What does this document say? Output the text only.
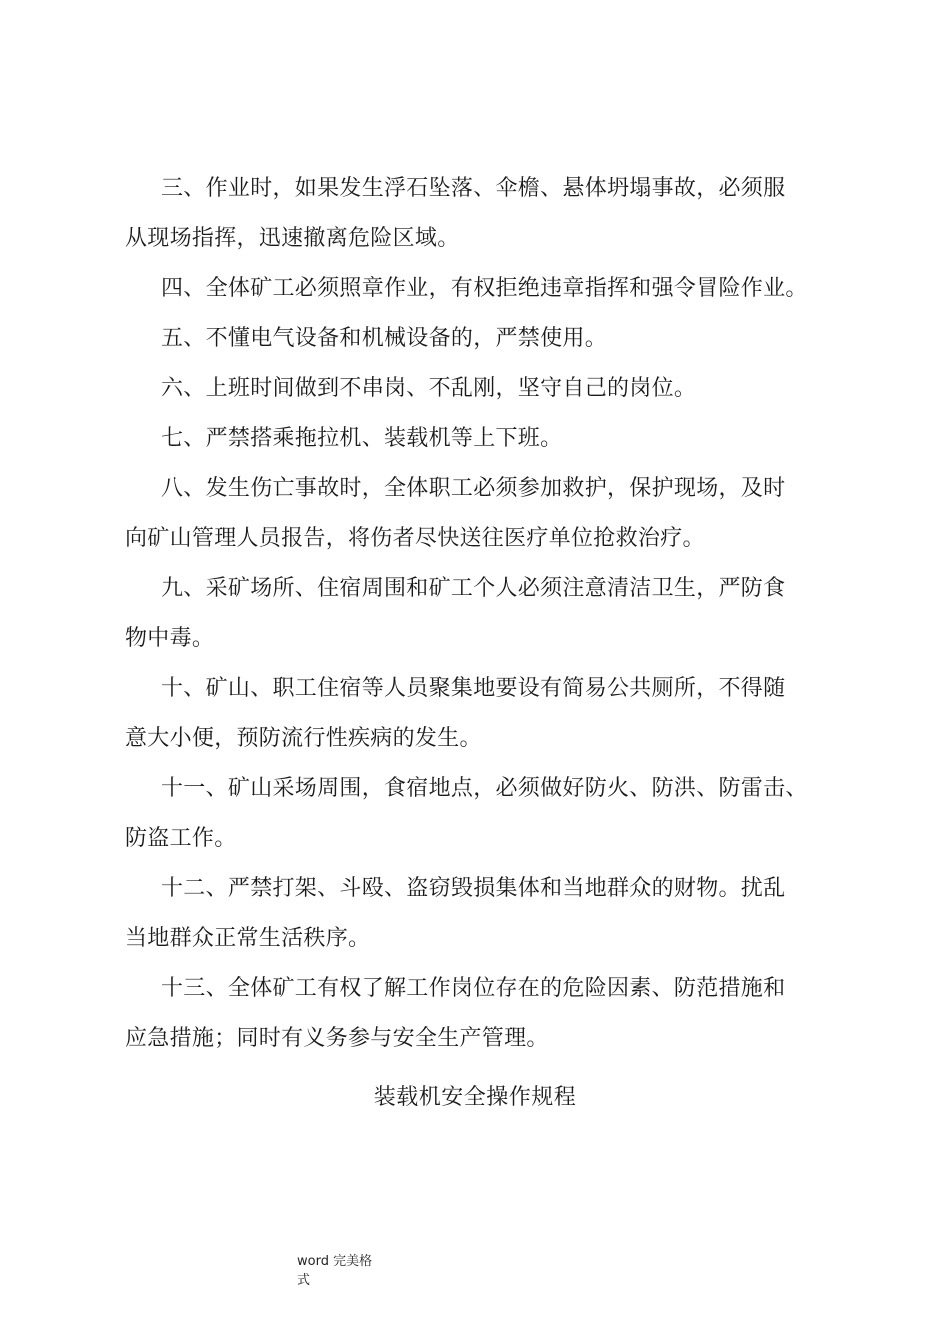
三、作业时，如果发生浮石坠落、伞檐、悬体坍塌事故，必须服
从现场指挥，迅速撤离危险区域。

四、全体矿工必须照章作业，有权拒绝违章指挥和强令冒险作业。

五、不懂电气设备和机械设备的，严禁使用。

六、上班时间做到不串岗、不乱刚，坚守自己的岗位。

七、严禁搭乘拖拉机、装载机等上下班。

八、发生伤亡事故时，全体职工必须参加救护，保护现场，及时
向矿山管理人员报告，将伤者尽快送往医疗单位抢救治疗。

九、采矿场所、住宿周围和矿工个人必须注意清洁卫生，严防食
物中毒。

十、矿山、职工住宿等人员聚集地要设有简易公共厕所，不得随
意大小便，预防流行性疾病的发生。

十一、矿山采场周围，食宿地点，必须做好防火、防洪、防雷击、
防盗工作。

十二、严禁打架、斗殴、盗窃毁损集体和当地群众的财物。扰乱
当地群众正常生活秩序。

十三、全体矿工有权了解工作岗位存在的危险因素、防范措施和
应急措施；同时有义务参与安全生产管理。

装载机安全操作规程
word 完美格
式
